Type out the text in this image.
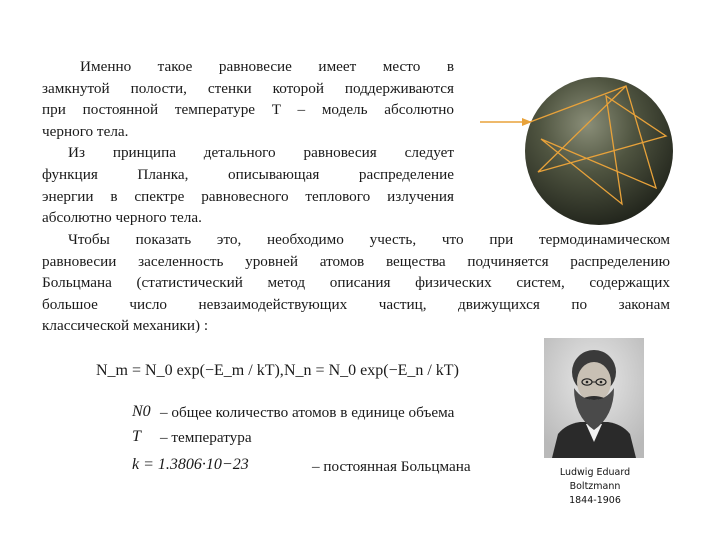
Именно такое равновесие имеет место в
замкнутой полости, стенки которой поддерживаются
при постоянной температуре T – модель абсолютно
черного тела.
Из принципа детального равновесия следует
функция Планка, описывающая распределение
энергии в спектре равновесного теплового излучения
абсолютно черного тела.
Чтобы показать это, необходимо учесть, что при термодинамическом
равновесии заселенность уровней атомов вещества подчиняется распределению
Больцмана (статистический метод описания физических систем, содержащих
большое число невзаимодействующих частиц, движущихся по законам
классической механики) :
N_m = N_0 exp(−E_m / kT), N_n = N_0 exp(−E_n / kT)
N0 – общее количество атомов в единице объема
T – температура
k = 1.3806·10−23	– постоянная Больцмана	Ludwig Eduard
Boltzmann
1844-1906
